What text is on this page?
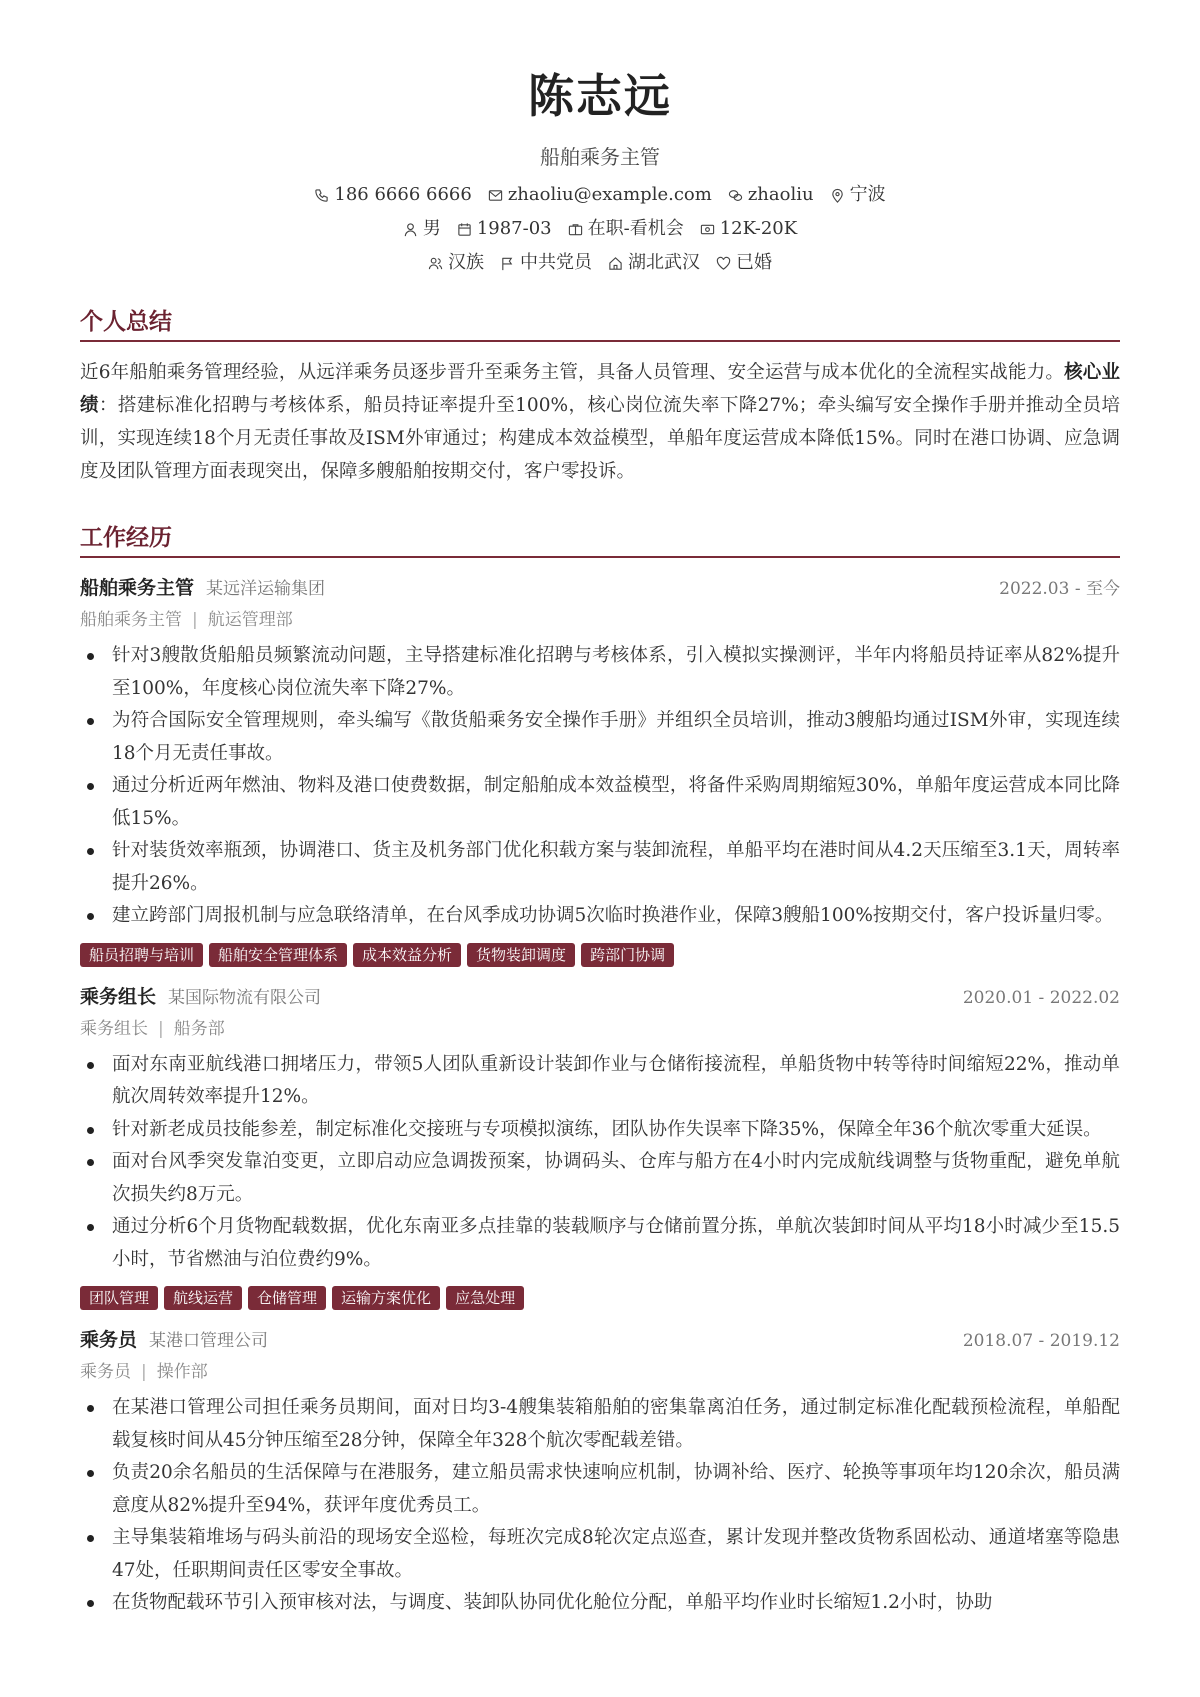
陈志远
船舶乘务主管
186 6666 6666 zhaoliu@example.com zhaoliu 宁波
男 1987-03 在职-看机会 12K-20K
汉族 中共党员 湖北武汉 已婚
个人总结

近6年船舶乘务管理经验，从远洋乘务员逐步晋升至乘务主管，具备人员管理、安全运营与成本优化的全流程实战能力。核心业绩：搭建标准化招聘与考核体系，船员持证率提升至100%，核心岗位流失率下降27%；牵头编写安全操作手册并推动全员培训，实现连续18个月无责任事故及ISM外审通过；构建成本效益模型，单船年度运营成本降低15%。同时在港口协调、应急调度及团队管理方面表现突出，保障多艘船舶按期交付，客户零投诉。

工作经历
船舶乘务主管 某远洋运输集团	2022.03 - 至今
船舶乘务主管 | 航运管理部
针对3艘散货船船员频繁流动问题，主导搭建标准化招聘与考核体系，引入模拟实操测评，半年内将船员持证率从82%提升至100%，年度核心岗位流失率下降27%。
为符合国际安全管理规则，牵头编写《散货船乘务安全操作手册》并组织全员培训，推动3艘船均通过ISM外审，实现连续18个月无责任事故。
通过分析近两年燃油、物料及港口使费数据，制定船舶成本效益模型，将备件采购周期缩短30%，单船年度运营成本同比降低15%。
针对装货效率瓶颈，协调港口、货主及机务部门优化积载方案与装卸流程，单船平均在港时间从4.2天压缩至3.1天，周转率提升26%。
建立跨部门周报机制与应急联络清单，在台风季成功协调5次临时换港作业，保障3艘船100%按期交付，客户投诉量归零。
船员招聘与培训	船舶安全管理体系	成本效益分析	货物装卸调度	跨部门协调
乘务组长 某国际物流有限公司	2020.01 - 2022.02
乘务组长 | 船务部
面对东南亚航线港口拥堵压力，带领5人团队重新设计装卸作业与仓储衔接流程，单船货物中转等待时间缩短22%，推动单航次周转效率提升12%。
针对新老成员技能参差，制定标准化交接班与专项模拟演练，团队协作失误率下降35%，保障全年36个航次零重大延误。
面对台风季突发靠泊变更，立即启动应急调拨预案，协调码头、仓库与船方在4小时内完成航线调整与货物重配，避免单航次损失约8万元。
通过分析6个月货物配载数据，优化东南亚多点挂靠的装载顺序与仓储前置分拣，单航次装卸时间从平均18小时减少至15.5小时，节省燃油与泊位费约9%。
团队管理	航线运营	仓储管理	运输方案优化	应急处理
乘务员 某港口管理公司	2018.07 - 2019.12
乘务员 | 操作部
在某港口管理公司担任乘务员期间，面对日均3-4艘集装箱船舶的密集靠离泊任务，通过制定标准化配载预检流程，单船配载复核时间从45分钟压缩至28分钟，保障全年328个航次零配载差错。
负责20余名船员的生活保障与在港服务，建立船员需求快速响应机制，协调补给、医疗、轮换等事项年均120余次，船员满意度从82%提升至94%，获评年度优秀员工。
主导集装箱堆场与码头前沿的现场安全巡检，每班次完成8轮次定点巡查，累计发现并整改货物系固松动、通道堵塞等隐患47处，任职期间责任区零安全事故。
在货物配载环节引入预审核对法，与调度、装卸队协同优化舱位分配，单船平均作业时长缩短1.2小时，协助
